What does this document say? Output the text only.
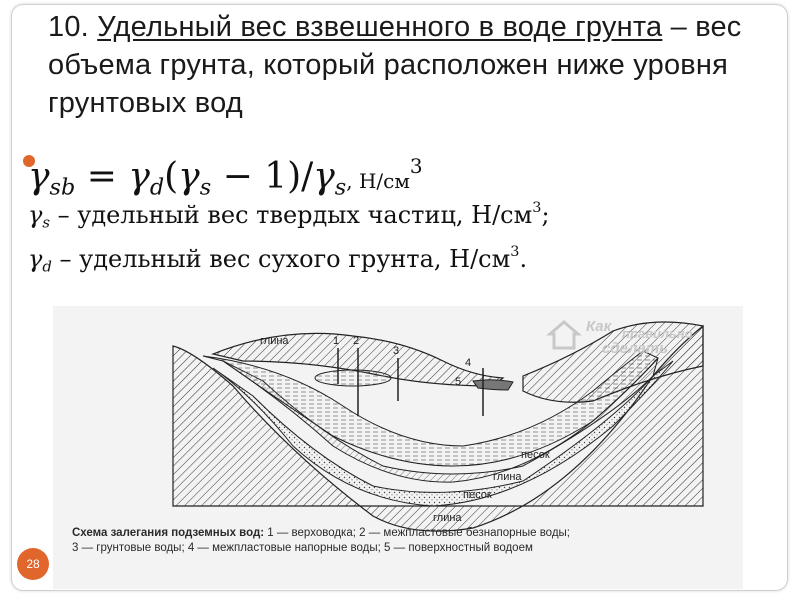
10. Удельный вес взвешенного в воде грунта – вес объема грунта, который расположен ниже уровня грунтовых вод
$\gamma_{sb} = \gamma_d(\gamma_s - 1)/\gamma_s$, $Н/см^3$
$\gamma_s$ – удельный вес твердых частиц, $Н/см^3$;
$\gamma_d$ – удельный вес сухого грунта, $Н/см^3$.
глина	1 2
3
4
5
песок
глина
песок
глина
Как правильно
сделать
Схема залегания подземных вод: 1 — верховодка; 2 — межпластовые безнапорные воды;
3 — грунтовые воды; 4 — межпластовые напорные воды; 5 — поверхностный водоем
28
